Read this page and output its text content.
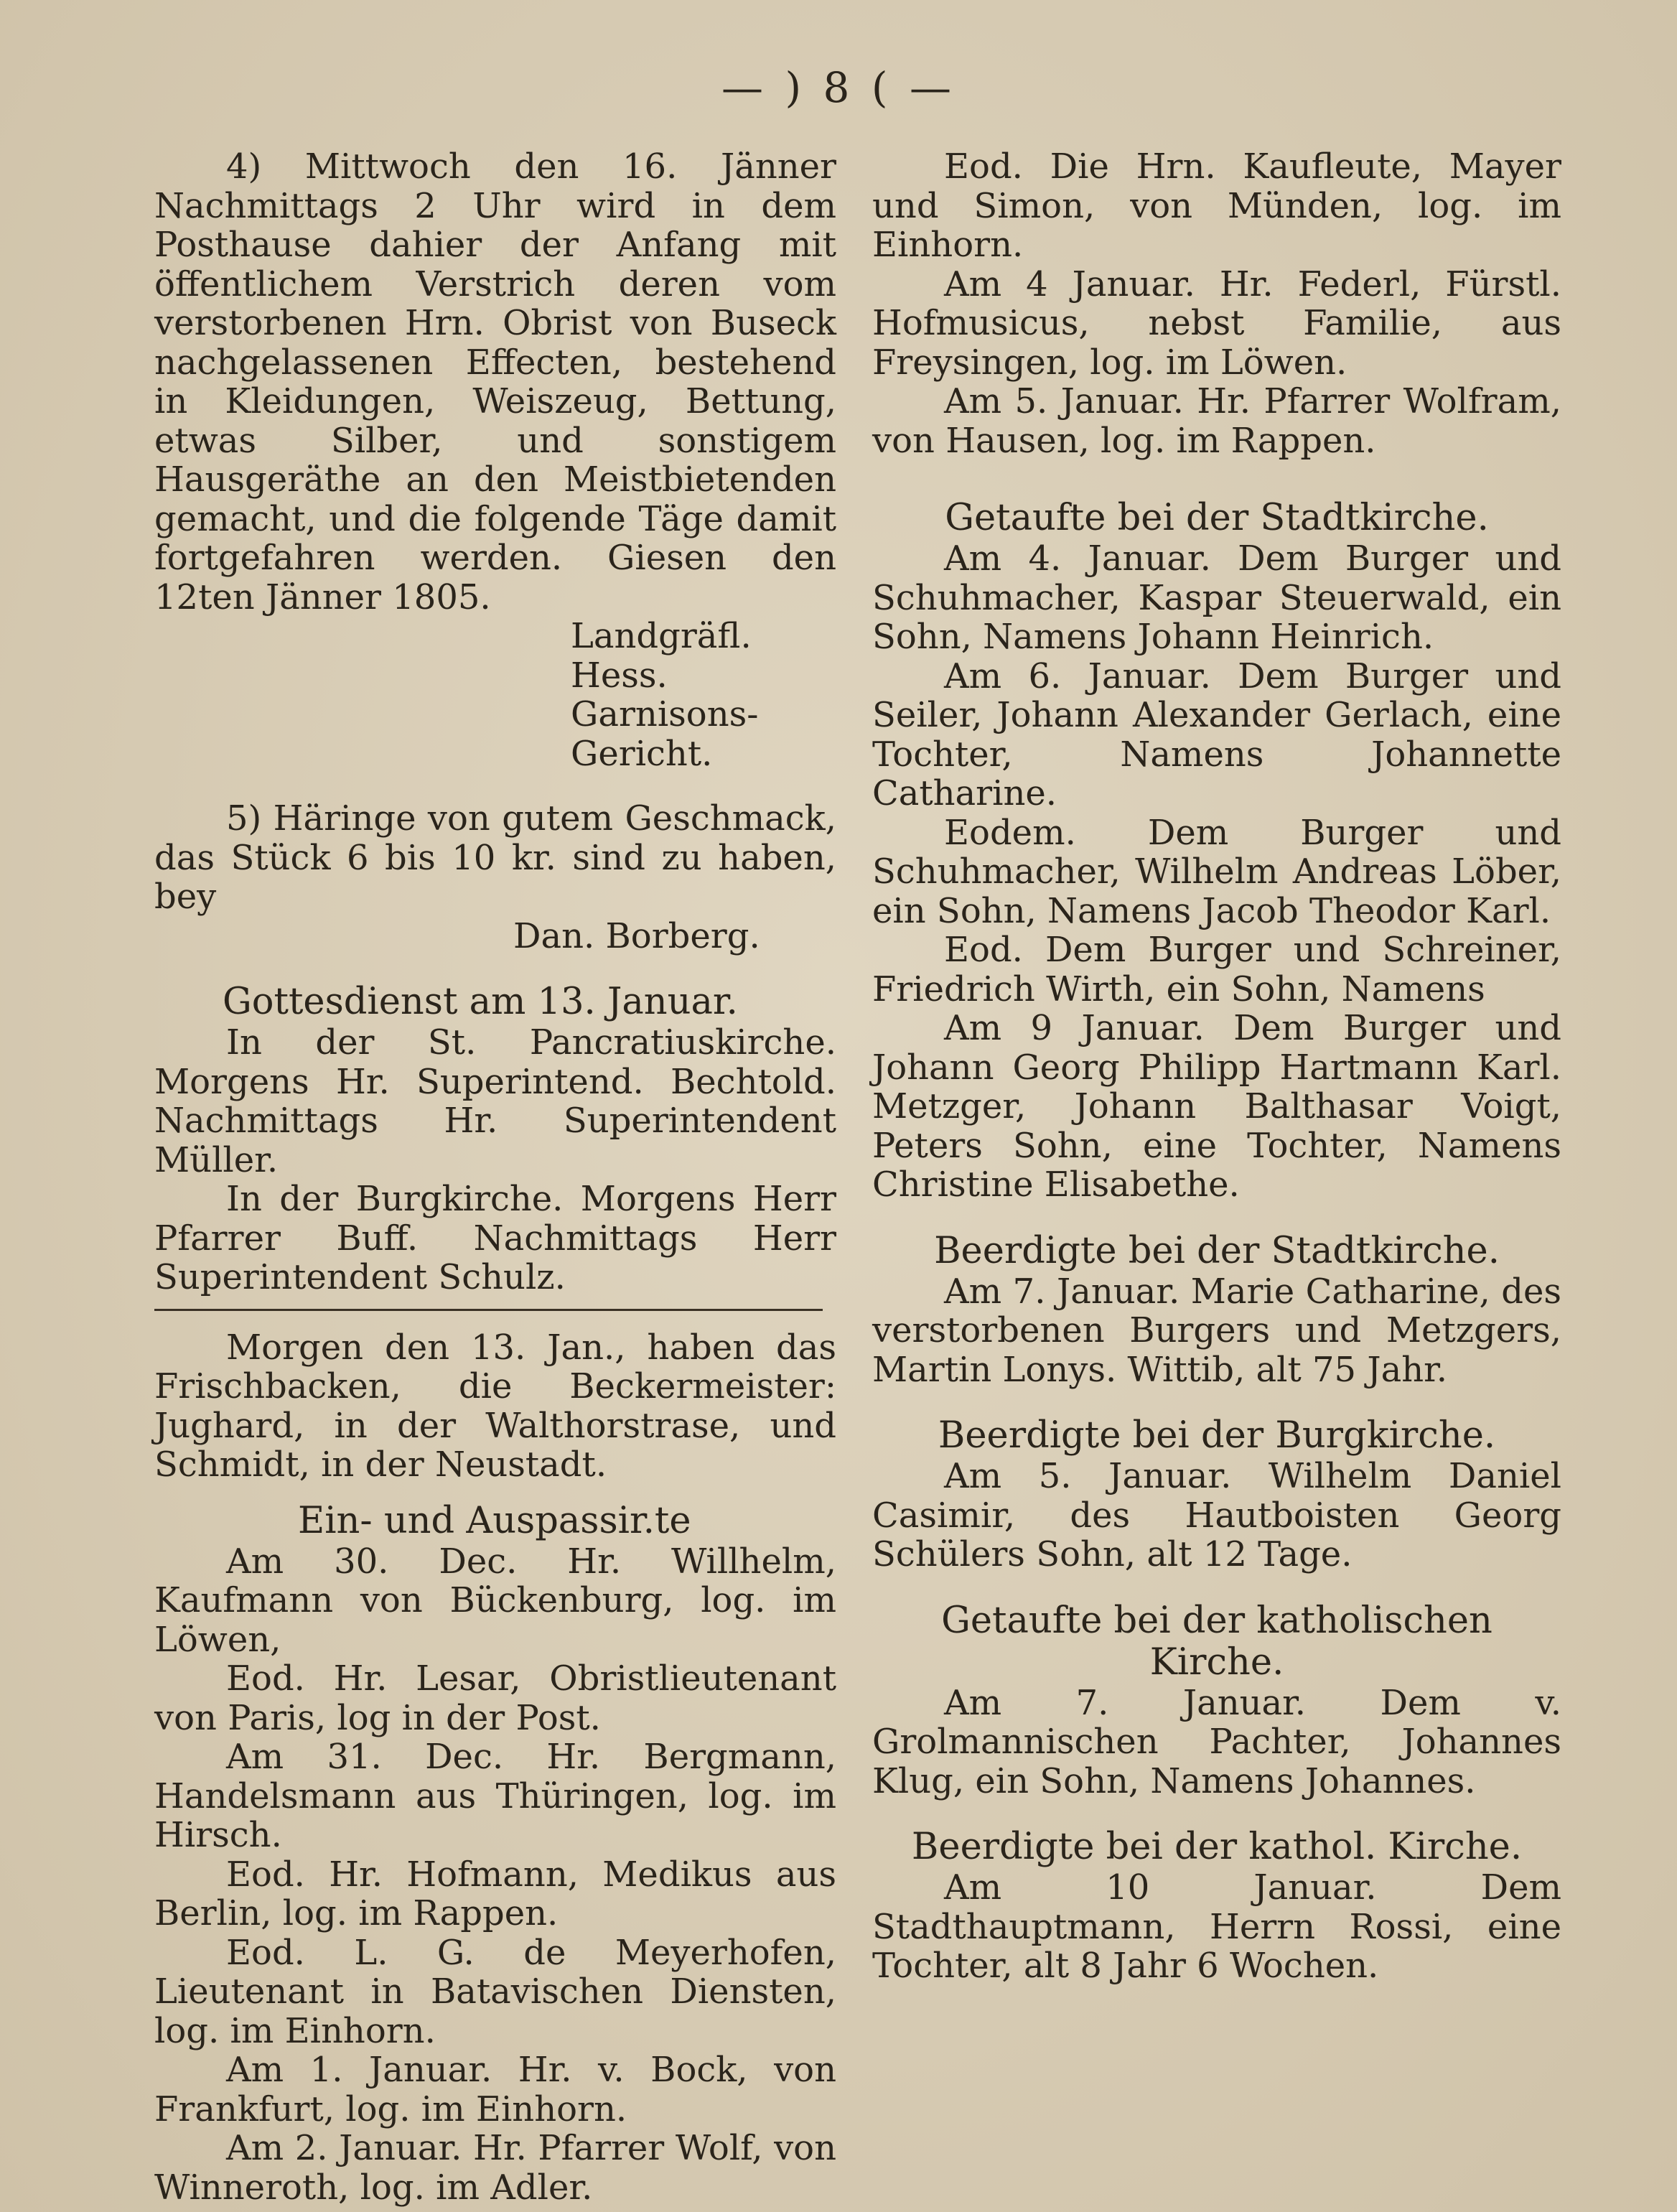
— ) 8 ( —

4) Mittwoch den 16. Jänner Nachmittags 2 Uhr wird in dem Posthause dahier der Anfang mit öffentlichem Verstrich deren vom verstorbenen Hrn. Obrist von Buseck nachgelassenen Effecten, bestehend in Kleidungen, Weiszeug, Bettung, etwas Silber, und sonstigem Hausgeräthe an den Meistbietenden gemacht, und die folgende Täge damit fortgefahren werden. Giesen den 12ten Jänner 1805.

Landgräfl. Hess. Garnisons-Gericht.

5) Häringe von gutem Geschmack, das Stück 6 bis 10 kr. sind zu haben, bey

Dan. Borberg.

Gottesdienst am 13. Januar.

In der St. Pancratiuskirche. Morgens Hr. Superintend. Bechtold. Nachmittags Hr. Superintendent Müller.

In der Burgkirche. Morgens Herr Pfarrer Buff. Nachmittags Herr Superintendent Schulz.

Morgen den 13. Jan., haben das Frischbacken, die Beckermeister: Jughard, in der Walthorstrase, und Schmidt, in der Neustadt.

Ein- und Auspassir.te

Am 30. Dec. Hr. Willhelm, Kaufmann von Bückenburg, log. im Löwen,

Eod. Hr. Lesar, Obristlieutenant von Paris, log in der Post.

Am 31. Dec. Hr. Bergmann, Handelsmann aus Thüringen, log. im Hirsch.

Eod. Hr. Hofmann, Medikus aus Berlin, log. im Rappen.

Eod. L. G. de Meyerhofen, Lieutenant in Batavischen Diensten, log. im Einhorn.

Am 1. Januar. Hr. v. Bock, von Frankfurt, log. im Einhorn.

Am 2. Januar. Hr. Pfarrer Wolf, von Winneroth, log. im Adler.

Eod. Die Hrn. Kaufleute, Mayer und Simon, von Münden, log. im Einhorn.

Am 4 Januar. Hr. Federl, Fürstl. Hofmusicus, nebst Familie, aus Freysingen, log. im Löwen.

Am 5. Januar. Hr. Pfarrer Wolfram, von Hausen, log. im Rappen.

Getaufte bei der Stadtkirche.

Am 4. Januar. Dem Burger und Schuhmacher, Kaspar Steuerwald, ein Sohn, Namens Johann Heinrich.

Am 6. Januar. Dem Burger und Seiler, Johann Alexander Gerlach, eine Tochter, Namens Johannette Catharine.

Eodem. Dem Burger und Schuhmacher, Wilhelm Andreas Löber, ein Sohn, Namens Jacob Theodor Karl.

Eod. Dem Burger und Schreiner, Friedrich Wirth, ein Sohn, Namens

Am 9 Januar. Dem Burger und Johann Georg Philipp Hartmann Karl. Metzger, Johann Balthasar Voigt, Peters Sohn, eine Tochter, Namens Christine Elisabethe.

Beerdigte bei der Stadtkirche.

Am 7. Januar. Marie Catharine, des verstorbenen Burgers und Metzgers, Martin Lonys. Wittib, alt 75 Jahr.

Beerdigte bei der Burgkirche.

Am 5. Januar. Wilhelm Daniel Casimir, des Hautboisten Georg Schülers Sohn, alt 12 Tage.

Getaufte bei der katholischen Kirche.

Am 7. Januar. Dem v. Grolmannischen Pachter, Johannes Klug, ein Sohn, Namens Johannes.

Beerdigte bei der kathol. Kirche.

Am 10 Januar. Dem Stadthauptmann, Herrn Rossi, eine Tochter, alt 8 Jahr 6 Wochen.
